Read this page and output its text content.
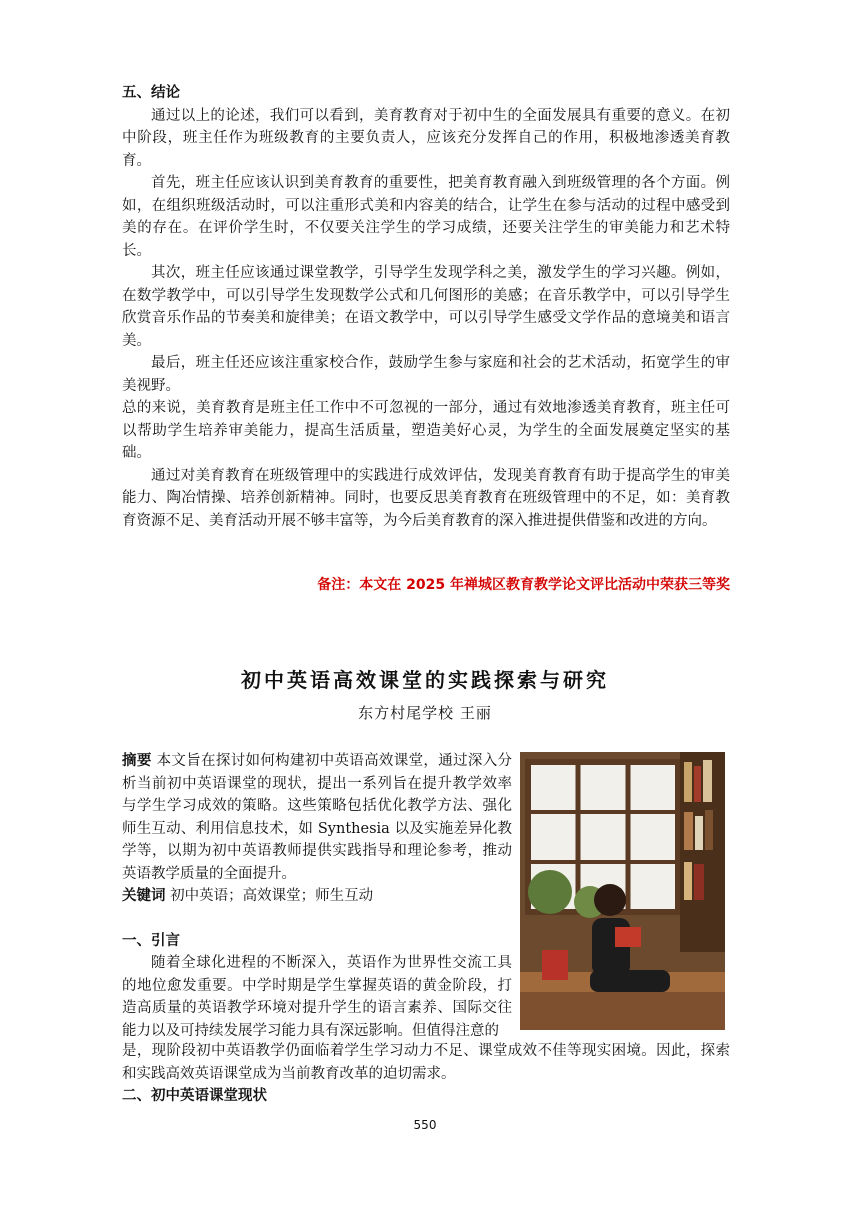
五、结论

通过以上的论述，我们可以看到，美育教育对于初中生的全面发展具有重要的意义。在初中阶段，班主任作为班级教育的主要负责人，应该充分发挥自己的作用，积极地渗透美育教育。

首先，班主任应该认识到美育教育的重要性，把美育教育融入到班级管理的各个方面。例如，在组织班级活动时，可以注重形式美和内容美的结合，让学生在参与活动的过程中感受到美的存在。在评价学生时，不仅要关注学生的学习成绩，还要关注学生的审美能力和艺术特长。

其次，班主任应该通过课堂教学，引导学生发现学科之美，激发学生的学习兴趣。例如，在数学教学中，可以引导学生发现数学公式和几何图形的美感；在音乐教学中，可以引导学生欣赏音乐作品的节奏美和旋律美；在语文教学中，可以引导学生感受文学作品的意境美和语言美。

最后，班主任还应该注重家校合作，鼓励学生参与家庭和社会的艺术活动，拓宽学生的审美视野。

总的来说，美育教育是班主任工作中不可忽视的一部分，通过有效地渗透美育教育，班主任可以帮助学生培养审美能力，提高生活质量，塑造美好心灵，为学生的全面发展奠定坚实的基础。

通过对美育教育在班级管理中的实践进行成效评估，发现美育教育有助于提高学生的审美能力、陶冶情操、培养创新精神。同时，也要反思美育教育在班级管理中的不足，如：美育教育资源不足、美育活动开展不够丰富等，为今后美育教育的深入推进提供借鉴和改进的方向。

备注：本文在 2025 年禅城区教育教学论文评比活动中荣获三等奖
初中英语高效课堂的实践探索与研究
东方村尾学校 王丽

摘要 本文旨在探讨如何构建初中英语高效课堂，通过深入分析当前初中英语课堂的现状，提出一系列旨在提升教学效率与学生学习成效的策略。这些策略包括优化教学方法、强化师生互动、利用信息技术，如 Synthesia 以及实施差异化教学等，以期为初中英语教师提供实践指导和理论参考，推动英语教学质量的全面提升。

关键词 初中英语；高效课堂；师生互动

一、引言

随着全球化进程的不断深入，英语作为世界性交流工具的地位愈发重要。中学时期是学生掌握英语的黄金阶段，打造高质量的英语教学环境对提升学生的语言素养、国际交往能力以及可持续发展学习能力具有深远影响。但值得注意的

是，现阶段初中英语教学仍面临着学生学习动力不足、课堂成效不佳等现实困境。因此，探索和实践高效英语课堂成为当前教育改革的迫切需求。

二、初中英语课堂现状
550
